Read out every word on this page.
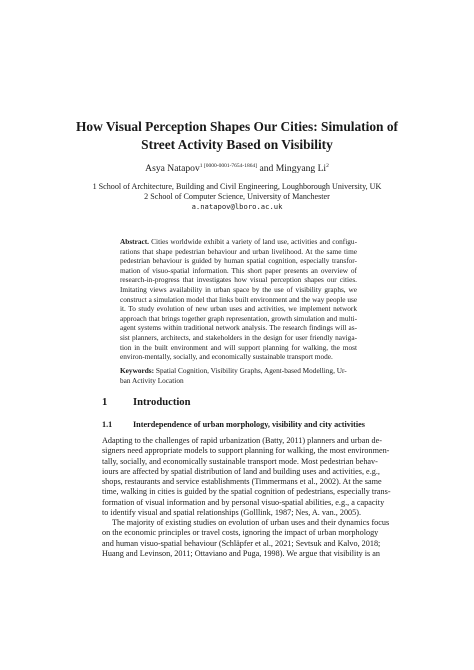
How Visual Perception Shapes Our Cities: Simulation of
Street Activity Based on Visibility
Asya Natapov$^{1 [0000-0001-7654-1864]}$ and Mingyang Li$^2$
1 School of Architecture, Building and Civil Engineering, Loughborough University, UK
2 School of Computer Science, University of Manchester
a.natapov@lboro.ac.uk
Abstract. Cities worldwide exhibit a variety of land use, activities and configu-
rations that shape pedestrian behaviour and urban livelihood. At the same time
pedestrian behaviour is guided by human spatial cognition, especially transfor-
mation of visuo-spatial information. This short paper presents an overview of
research-in-progress that investigates how visual perception shapes our cities.
Imitating views availability in urban space by the use of visibility graphs, we
construct a simulation model that links built environment and the way people use
it. To study evolution of new urban uses and activities, we implement network
approach that brings together graph representation, growth simulation and multi-
agent systems within traditional network analysis. The research findings will as-
sist planners, architects, and stakeholders in the design for user friendly naviga-
tion in the built environment and will support planning for walking, the most
environ-mentally, socially, and economically sustainable transport mode.
Keywords: Spatial Cognition, Visibility Graphs, Agent-based Modelling, Ur-
ban Activity Location
1 Introduction
1.1	Interdependence of urban morphology, visibility and city activities
Adapting to the challenges of rapid urbanization (Batty, 2011) planners and urban de-
signers need appropriate models to support planning for walking, the most environmen-
tally, socially, and economically sustainable transport mode. Most pedestrian behav-
iours are affected by spatial distribution of land and building uses and activities, e.g.,
shops, restaurants and service establishments (Timmermans et al., 2002). At the same
time, walking in cities is guided by the spatial cognition of pedestrians, especially trans-
formation of visual information and by personal visuo-spatial abilities, e.g., a capacity
to identify visual and spatial relationships (Golllink, 1987; Nes, A. van., 2005).
The majority of existing studies on evolution of urban uses and their dynamics focus
on the economic principles or travel costs, ignoring the impact of urban morphology
and human visuo-spatial behaviour (Schläpfer et al., 2021; Sevtsuk and Kalvo, 2018;
Huang and Levinson, 2011; Ottaviano and Puga, 1998). We argue that visibility is an
